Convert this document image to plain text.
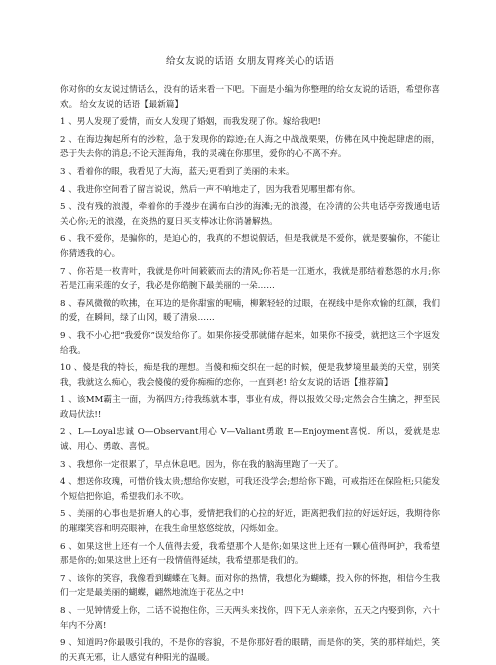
给女友说的话语 女朋友胃疼关心的话语

你对你的女友说过情话么，没有的话来看一下吧。下面是小编为你整理的给女友说的话语，希望你喜欢。 给女友说的话语【最新篇】

1 、男人发现了爱情，而女人发现了婚姻，而我发现了你。嫁给我吧!

2 、在海边掬起所有的沙粒，急于发现你的踪迹;在人海之中战战栗栗，仿佛在风中挽起肆虐的雨，恐于失去你的消息;不论天涯海角，我的灵魂在你那里，爱你的心不离不弃。

3 、看着你的眼，我看见了大海，蓝天;更看到了美丽的未来。

4 、我进你空间看了留言说说，然后一声不响地走了，因为我看见哪里都有你。

5 、没有残的浪漫，牵着你的手漫步在满布白沙的海滩;无的浪漫，在冷清的公共电话亭旁拨通电话关心你;无的浪漫，在炎热的夏日买支棒冰让你消暑解热。

6 、我不爱你，是骗你的，是迫心的，我真的不想说假话，但是我就是不爱你，就是要骗你，不能让你猜透我的心。

7 、你若是一枚青叶，我就是你叶间簌簌而去的清风;你若是一江逝水，我就是那结着愁怨的水月;你若是江南采莲的女子，我必是你皓腕下最美丽的一朵……

8 、春风微微的吹拂，在耳边的是你甜蜜的呢喃，柳絮轻轻的过眼，在视线中是你欢愉的红颜，我们的爱，在瞬间，绿了山冈，暖了清泉……

9 、我不小心把“我爱你”误发给你了。如果你接受那就储存起来，如果你不接受，就把这三个字返发给我。

10 、傻是我的特长，痴是我的理想。当傻和痴交织在一起的时候，便是我梦境里最美的天堂，别笑我，我就这么痴心，我会傻傻的爱你痴痴的恋你，一直到老! 给女友说的话语【推荐篇】

1 、该MM霸主一面，为祸四方;待我练就本事，事业有成，得以报效父母;定然会合生擒之，押至民政局伏法!!

2 、L—Loyal忠诚 O—Observant用心 V—Valiant勇敢 E—Enjoyment喜悦．所以，爱就是忠诚、用心、勇敢、喜悦。

3 、我想你一定很累了，早点休息吧。因为，你在我的脑海里跑了一天了。

4 、想送你玫瑰，可惜价钱太贵;想给你安慰，可我还没学会;想给你下跪，可戒指还在保险柜;只能发个短信把你追，希望我们永不吹。

5 、美丽的心事也是折磨人的心事，爱情把我们的心拉的好近，距离把我们拉的好远好远，我期待你的璀璨笑容和明亮眼神，在我生命里悠悠绽放，闪烁如金。

6 、如果这世上还有一个人值得去爱，我希望那个人是你;如果这世上还有一颗心值得呵护，我希望那是你的;如果这世上还有一段情值得延续，我希望那是我们的。

7 、该你的笑容，我像看到蝴蝶在飞舞。面对你的热情，我想化为蝴蝶，投入你的怀抱，相信今生我们一定是最美丽的蝴蝶，翩然地流连于花丛之中!

8 、一见钟情爱上你，二话不说抱住你，三天两头来找你，四下无人亲亲你，五天之内娶到你，六十年内不分离!

9 、知道吗?你最吸引我的，不是你的容貌，不是你那好看的眼睛，而是你的笑，笑的那样灿烂，笑的天真无邪，让人感觉有种阳光的温暖。
